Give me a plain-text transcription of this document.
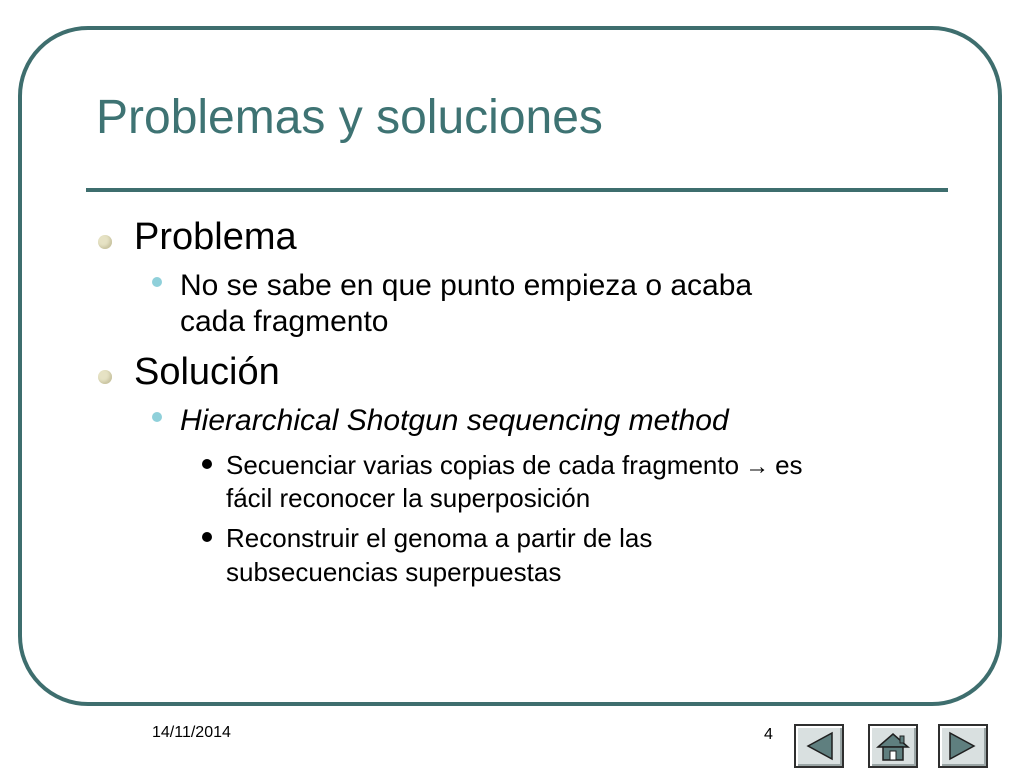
Problemas y soluciones
Problema
No se sabe en que punto empieza o acaba
cada fragmento
Solución
Hierarchical Shotgun sequencing method
Secuenciar varias copias de cada fragmento → es
fácil reconocer la superposición
Reconstruir el genoma a partir de las
subsecuencias superpuestas
14/11/2014	4
